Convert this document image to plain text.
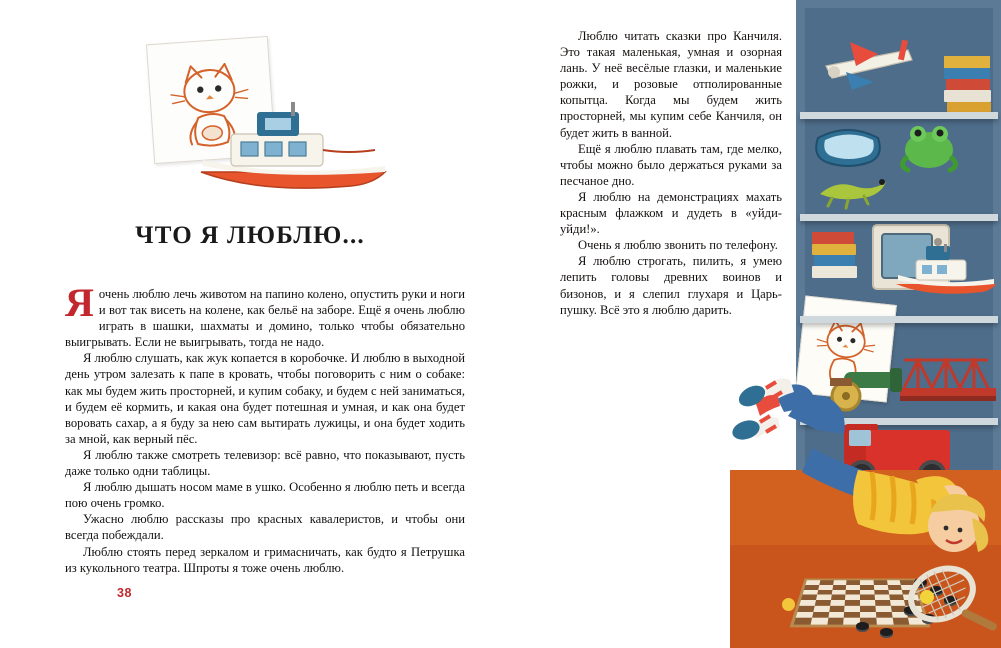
ЧТО Я ЛЮБЛЮ...

Яочень люблю лечь животом на папино колено, опустить руки и ноги и вот так висеть на колене, как бельё на заборе. Ещё я очень люблю играть в шашки, шахматы и домино, только чтобы обязательно выигрывать. Если не выигрывать, тогда не надо.

Я люблю слушать, как жук копается в коробочке. И люблю в выходной день утром залезать к папе в кровать, чтобы поговорить с ним о собаке: как мы будем жить просторней, и купим собаку, и будем с ней заниматься, и будем её кормить, и какая она будет потешная и умная, и как она будет воровать сахар, а я буду за нею сам вытирать лужицы, и она будет ходить за мной, как верный пёс.

Я люблю также смотреть телевизор: всё равно, что показывают, пусть даже только одни таблицы.

Я люблю дышать носом маме в ушко. Особенно я люблю петь и всегда пою очень громко.

Ужасно люблю рассказы про красных кавалеристов, и чтобы они всегда побеждали.

Люблю стоять перед зеркалом и гримасничать, как будто я Петрушка из кукольного театра. Шпроты я тоже очень люблю.

38

Люблю читать сказки про Канчиля. Это такая маленькая, умная и озорная лань. У неё весёлые глазки, и маленькие рожки, и розовые отполированные копытца. Когда мы будем жить просторней, мы купим себе Канчиля, он будет жить в ванной.

Ещё я люблю плавать там, где мелко, чтобы можно было держаться руками за песчаное дно.

Я люблю на демонстрациях махать красным флажком и дудеть в «уйди-уйди!».

Очень я люблю звонить по телефону.

Я люблю строгать, пилить, я умею лепить головы древних воинов и бизонов, и я слепил глухаря и Царь-пушку. Всё это я люблю дарить.
